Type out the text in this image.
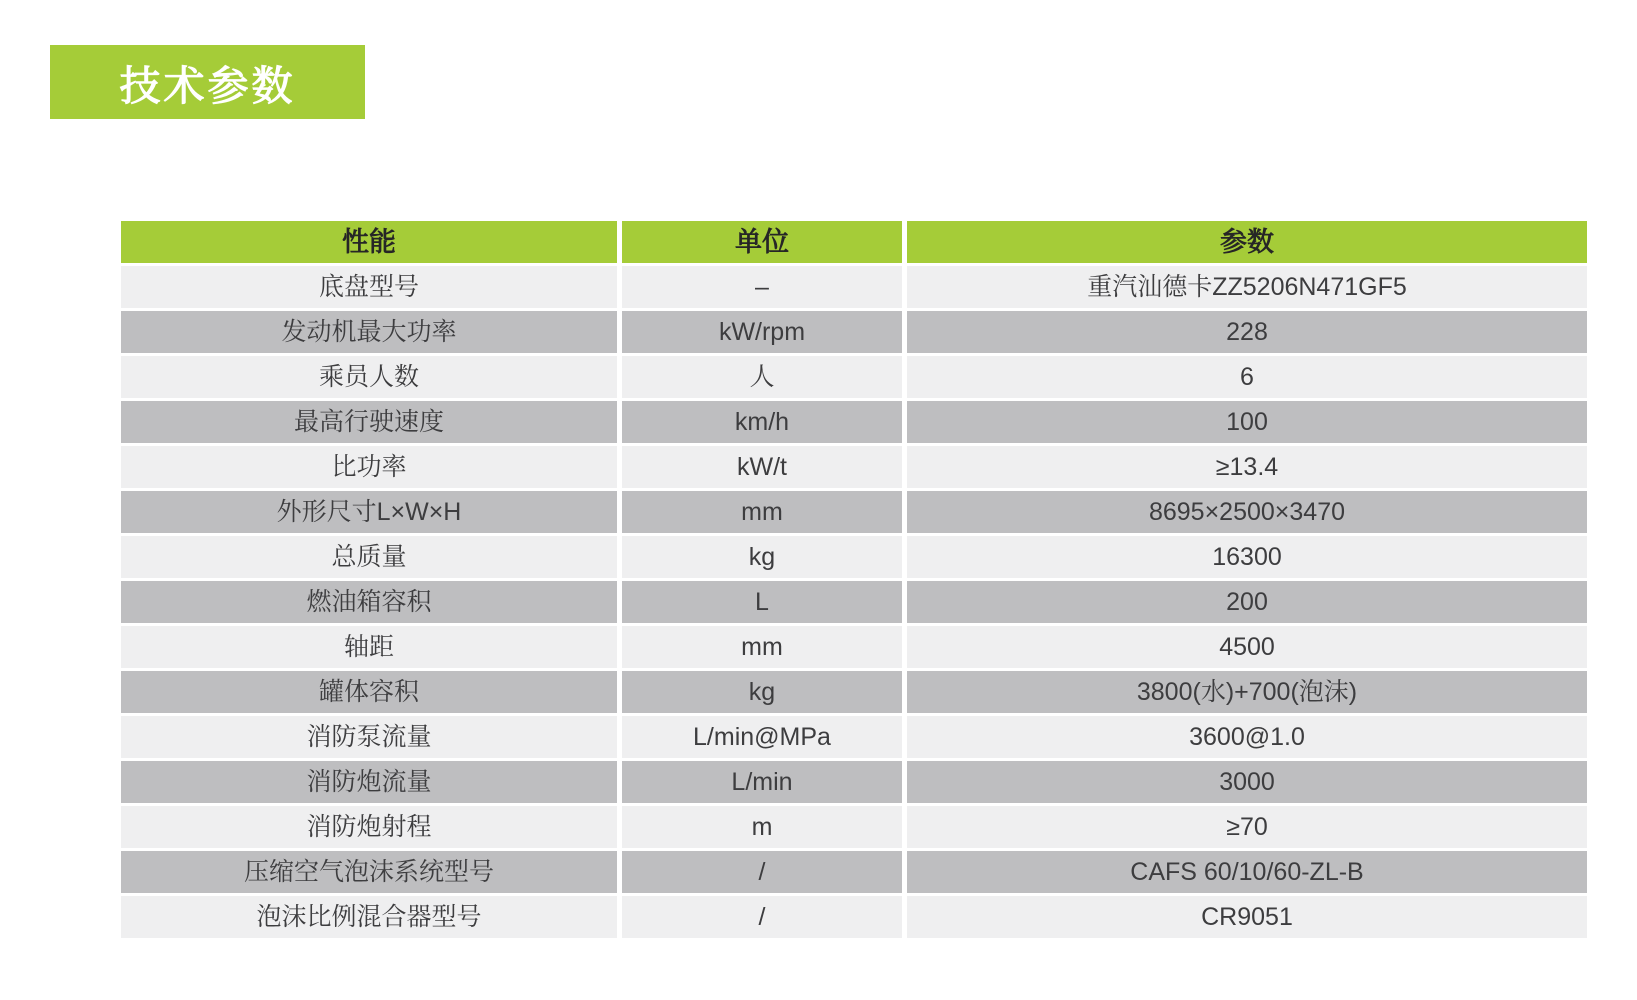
技术参数
性能	单位	参数
底盘型号	–	重汽汕德卡ZZ5206N471GF5
发动机最大功率	kW/rpm	228
乘员人数	人	6
最高行驶速度	km/h	100
比功率	kW/t	≥13.4
外形尺寸L×W×H	mm	8695×2500×3470
总质量	kg	16300
燃油箱容积	L	200
轴距	mm	4500
罐体容积	kg	3800(水)+700(泡沫)
消防泵流量	L/min@MPa	3600@1.0
消防炮流量	L/min	3000
消防炮射程	m	≥70
压缩空气泡沫系统型号	/	CAFS 60/10/60-ZL-B
泡沫比例混合器型号	/	CR9051
